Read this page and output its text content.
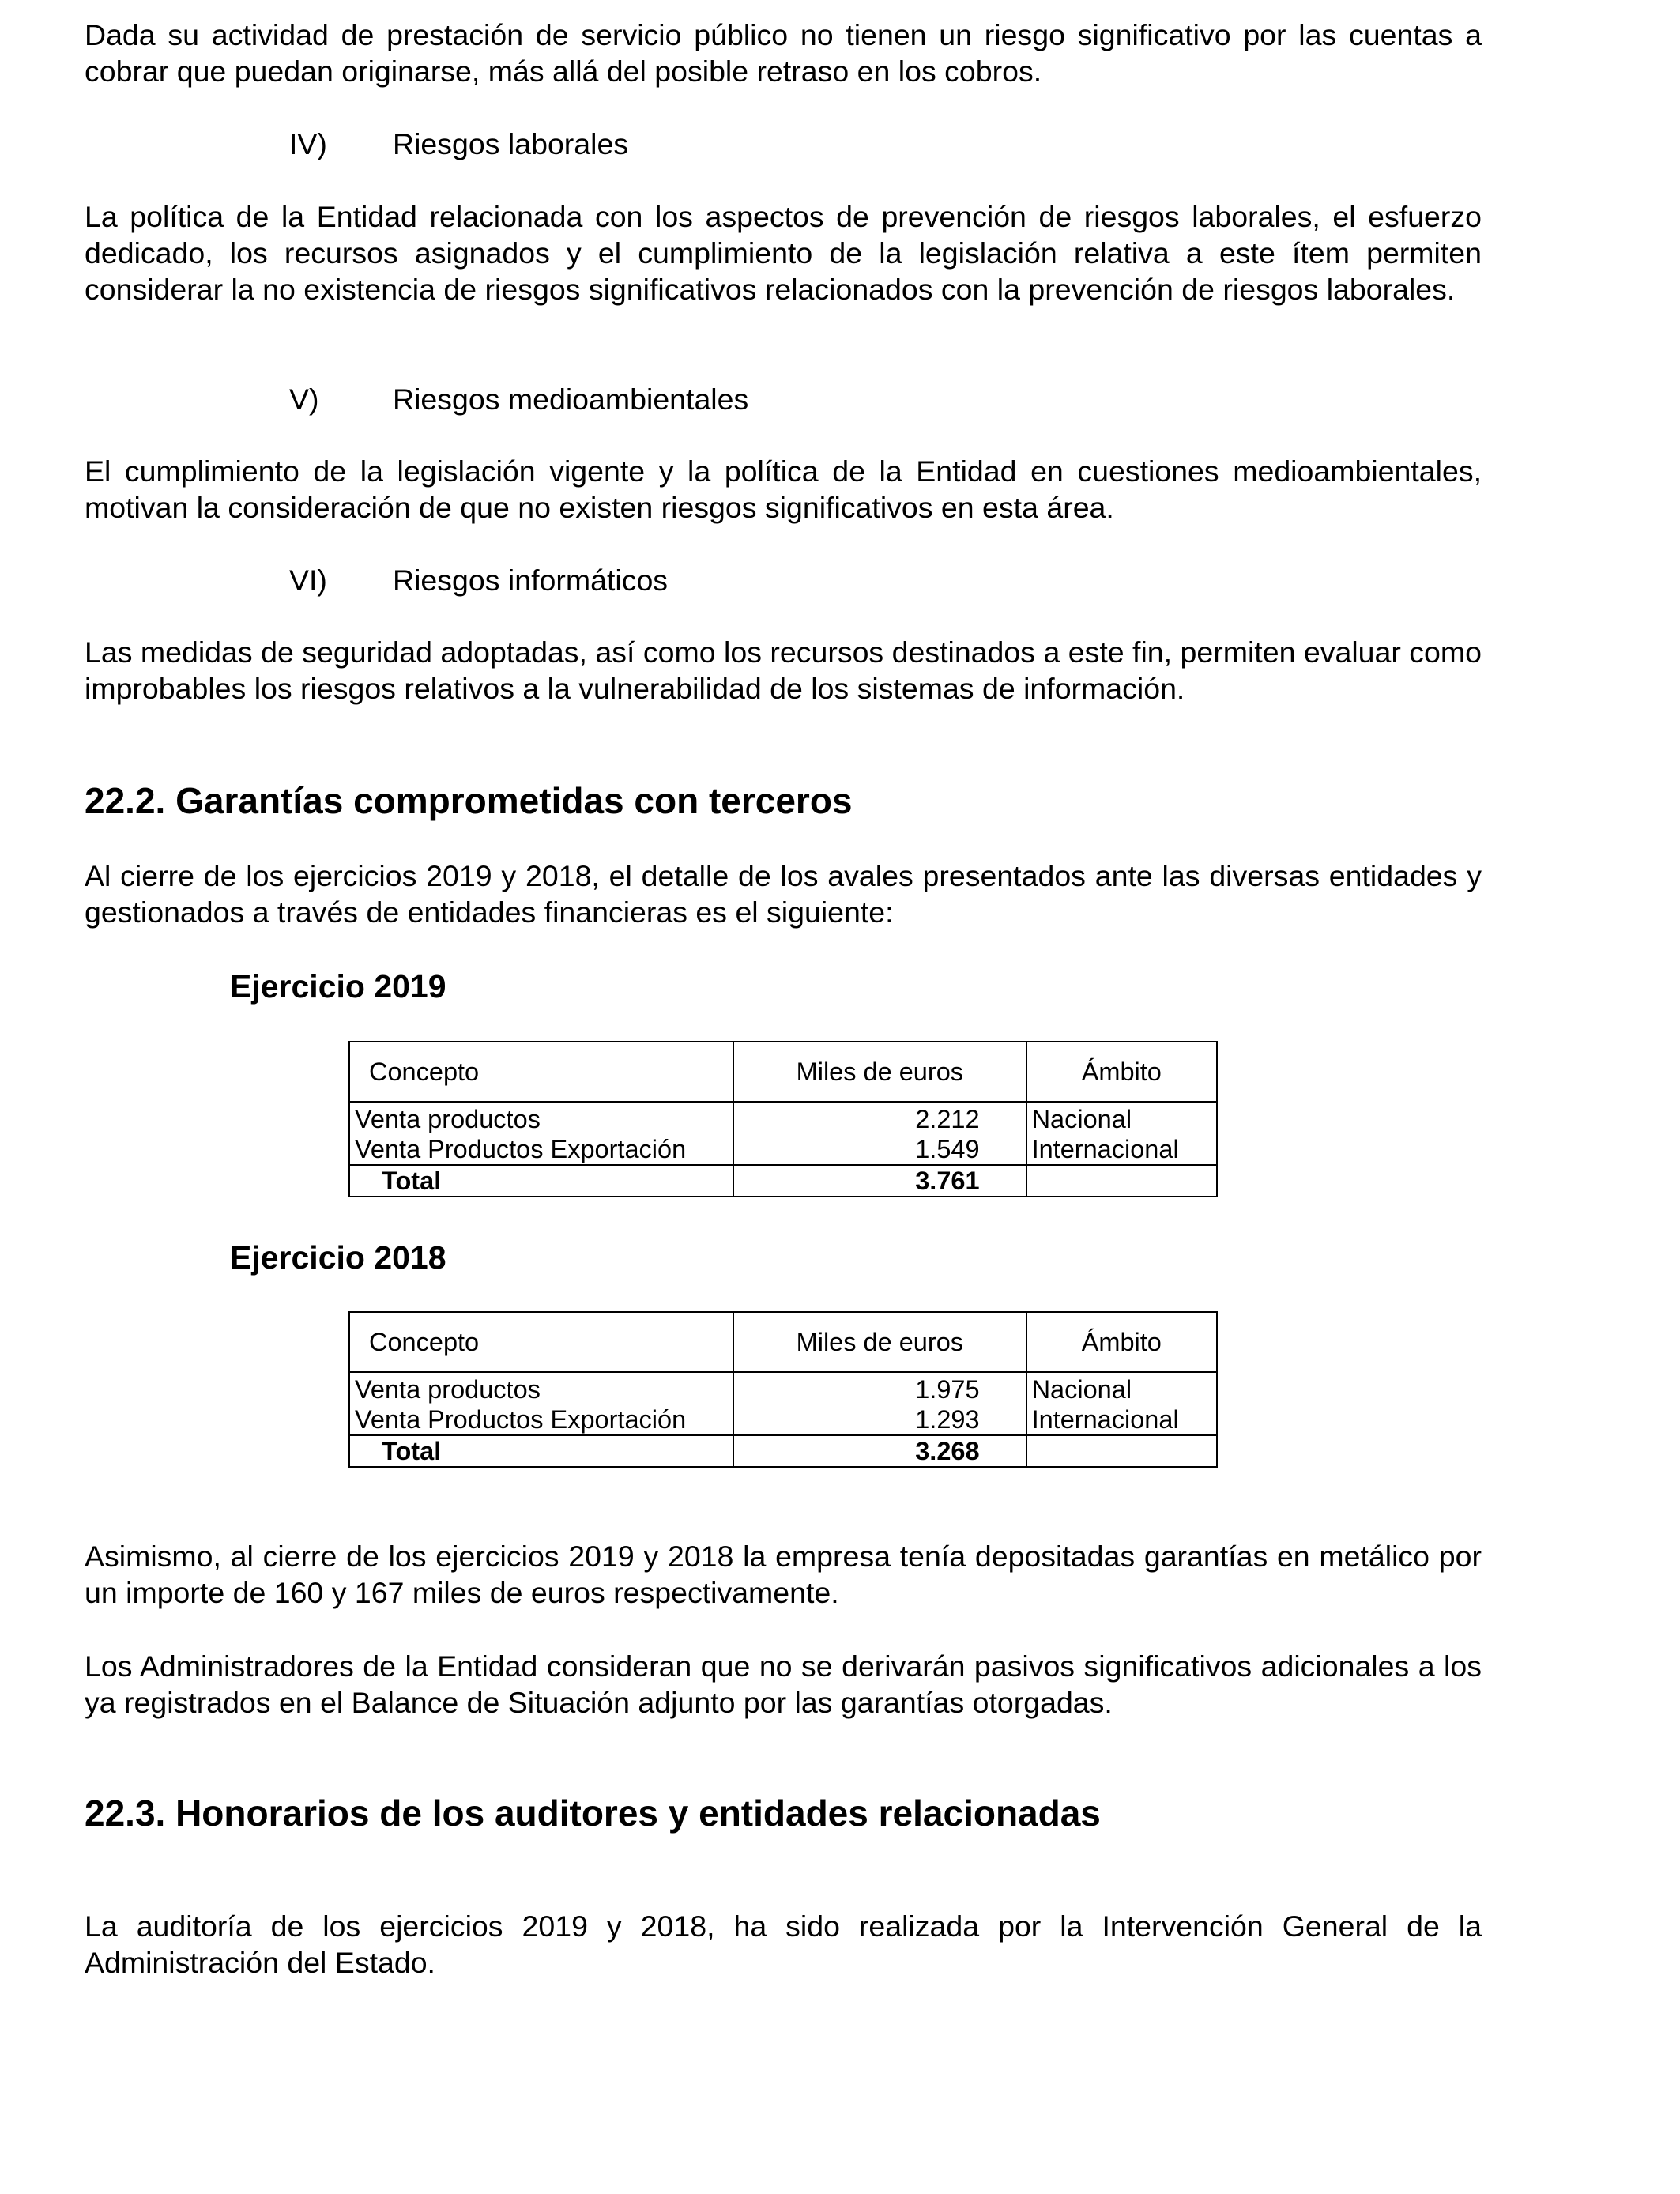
Dada su actividad de prestación de servicio público no tienen un riesgo significativo por las cuentas a cobrar que puedan originarse, más allá del posible retraso en los cobros.
IV) Riesgos laborales
La política de la Entidad relacionada con los aspectos de prevención de riesgos laborales, el esfuerzo dedicado, los recursos asignados y el cumplimiento de la legislación relativa a este ítem permiten considerar la no existencia de riesgos significativos relacionados con la prevención de riesgos laborales.
V) Riesgos medioambientales
El cumplimiento de la legislación vigente y la política de la Entidad en cuestiones medioambientales, motivan la consideración de que no existen riesgos significativos en esta área.
VI) Riesgos informáticos
Las medidas de seguridad adoptadas, así como los recursos destinados a este fin, permiten evaluar como improbables los riesgos relativos a la vulnerabilidad de los sistemas de información.
22.2. Garantías comprometidas con terceros
Al cierre de los ejercicios 2019 y 2018, el detalle de los avales presentados ante las diversas entidades y gestionados a través de entidades financieras es el siguiente:
Ejercicio 2019
Concepto	Miles de euros	Ámbito
Venta productos	2.212	Nacional
Venta Productos Exportación	1.549	Internacional
Total	3.761	
Ejercicio 2018
Concepto	Miles de euros	Ámbito
Venta productos	1.975	Nacional
Venta Productos Exportación	1.293	Internacional
Total	3.268	
Asimismo, al cierre de los ejercicios 2019 y 2018 la empresa tenía depositadas garantías en metálico por un importe de 160 y 167 miles de euros respectivamente.
Los Administradores de la Entidad consideran que no se derivarán pasivos significativos adicionales a los ya registrados en el Balance de Situación adjunto por las garantías otorgadas.
22.3. Honorarios de los auditores y entidades relacionadas
La auditoría de los ejercicios 2019 y 2018, ha sido realizada por la Intervención General de la Administración del Estado.
